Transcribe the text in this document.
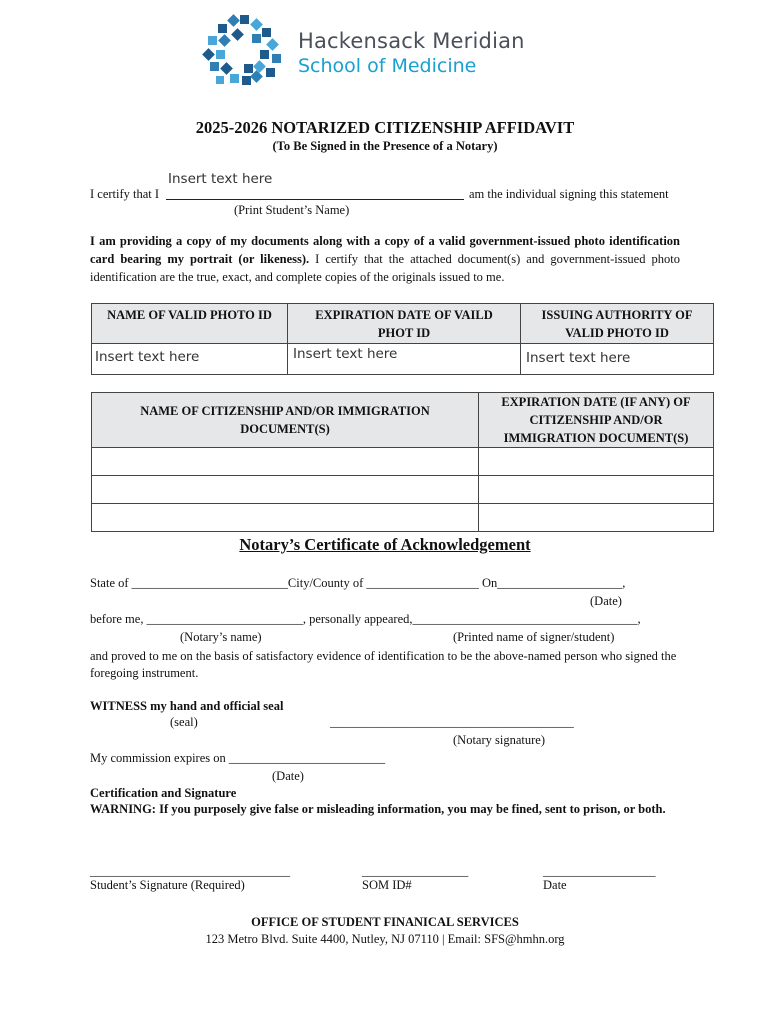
Hackensack Meridian
School of Medicine
2025-2026 NOTARIZED CITIZENSHIP AFFIDAVIT
(To Be Signed in the Presence of a Notary)
Insert text here
I certify that I	am the individual signing this statement
(Print Student’s Name)
I am providing a copy of my documents along with a copy of a valid government-issued photo identification card bearing my portrait (or likeness). I certify that the attached document(s) and government-issued photo identification are the true, exact, and complete copies of the originals issued to me.
NAME OF VALID PHOTO ID	EXPIRATION DATE OF VAILD PHOT ID	ISSUING AUTHORITY OF VALID PHOTO ID

Insert text here	Insert text here	Insert text here
NAME OF CITIZENSHIP AND/OR IMMIGRATION DOCUMENT(S)	EXPIRATION DATE (IF ANY) OF CITIZENSHIP AND/OR IMMIGRATION DOCUMENT(S)

Notary’s Certificate of Acknowledgement
State of _________________________City/County of __________________ On____________________,
(Date)
before me, _________________________, personally appeared,____________________________________,
(Notary’s name)	(Printed name of signer/student)
and proved to me on the basis of satisfactory evidence of identification to be the above-named person who signed the foregoing instrument.
WITNESS my hand and official seal
(seal)	_______________________________________
(Notary signature)
My commission expires on _________________________
(Date)
Certification and Signature
WARNING: If you purposely give false or misleading information, you may be fined, sent to prison, or both.
________________________________
Student’s Signature (Required)
_________________
SOM ID#
__________________
Date
OFFICE OF STUDENT FINANICAL SERVICES
123 Metro Blvd. Suite 4400, Nutley, NJ 07110 | Email: SFS@hmhn.org
